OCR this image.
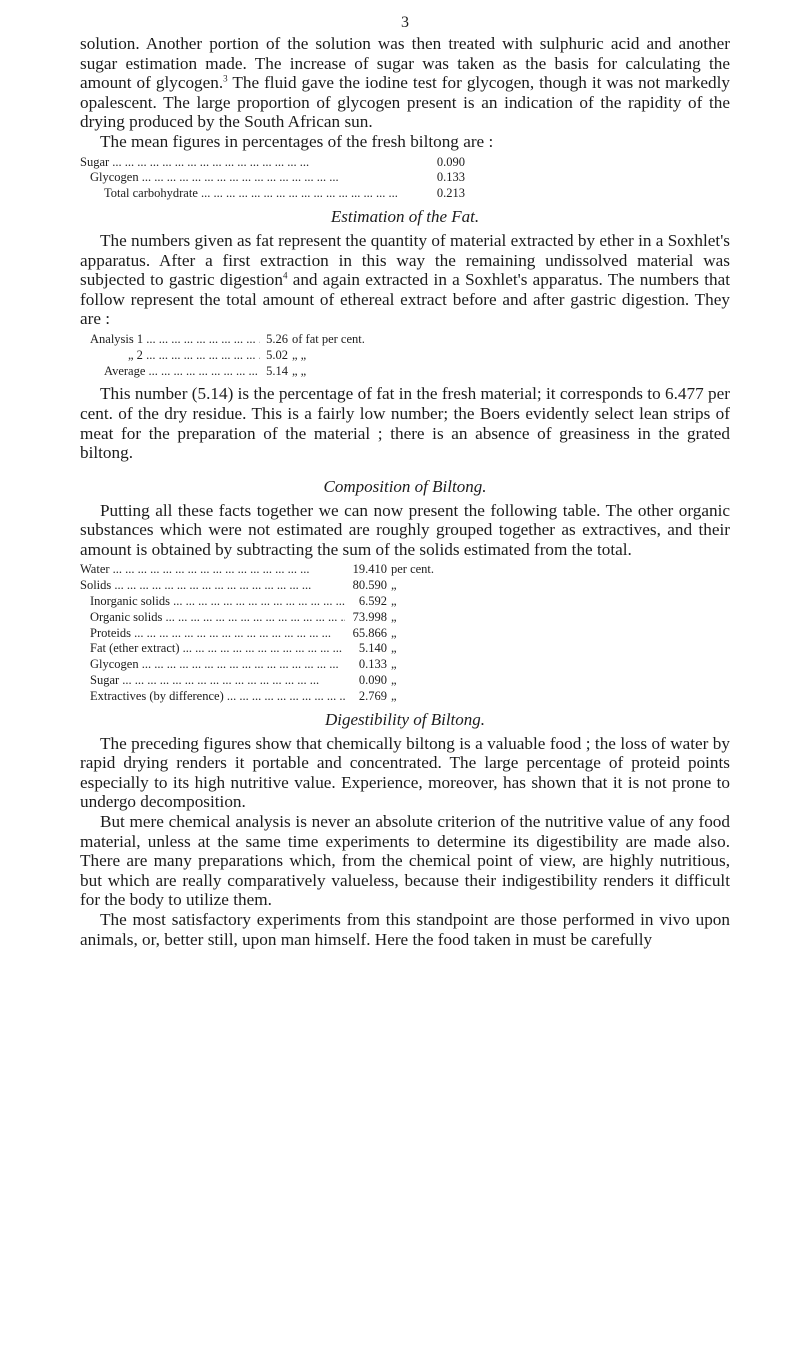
3

solution. Another portion of the solution was then treated with sulphuric acid and another sugar estimation made. The increase of sugar was taken as the basis for calculating the amount of glycogen.$^3$ The fluid gave the iodine test for glycogen, though it was not markedly opalescent. The large proportion of glycogen present is an indication of the rapidity of the drying produced by the South African sun.

The mean figures in percentages of the fresh biltong are :

Sugar ... .	0.090
Glycogen ... .	0.133
Total carbohydrate ... .	0.213
Estimation of the Fat.

The numbers given as fat represent the quantity of material extracted by ether in a Soxhlet's apparatus. After a first extraction in this way the remaining undissolved material was subjected to gastric digestion$^4$ and again extracted in a Soxhlet's apparatus. The numbers that follow represent the total amount of ethereal extract before and after gastric digestion. They are :

Analysis 1 ... .	5.26 of fat per cent.
„ 2 ... .	5.02 „ „
Average ... .	5.14 „ „

This number (5.14) is the percentage of fat in the fresh material; it corresponds to 6.477 per cent. of the dry residue. This is a fairly low number; the Boers evidently select lean strips of meat for the preparation of the material ; there is an absence of greasiness in the grated biltong.

Composition of Biltong.

Putting all these facts together we can now present the following table. The other organic substances which were not estimated are roughly grouped together as extractives, and their amount is obtained by subtracting the sum of the solids estimated from the total.

Water ... .	19.410 per cent.
Solids ... .	80.590 „
Inorganic solids ... .	6.592 „
Organic solids ... .	73.998 „
Proteids ... .	65.866 „
Fat (ether extract) ... .	5.140 „
Glycogen ... .	0.133 „
Sugar ... .	0.090 „
Extractives (by difference) ... .	2.769 „
Digestibility of Biltong.

The preceding figures show that chemically biltong is a valuable food ; the loss of water by rapid drying renders it portable and concentrated. The large percentage of proteid points especially to its high nutritive value. Experience, moreover, has shown that it is not prone to undergo decomposition.

But mere chemical analysis is never an absolute criterion of the nutritive value of any food material, unless at the same time experiments to determine its digestibility are made also. There are many preparations which, from the chemical point of view, are highly nutritious, but which are really comparatively valueless, because their indigestibility renders it difficult for the body to utilize them.

The most satisfactory experiments from this standpoint are those performed in vivo upon animals, or, better still, upon man himself. Here the food taken in must be carefully
